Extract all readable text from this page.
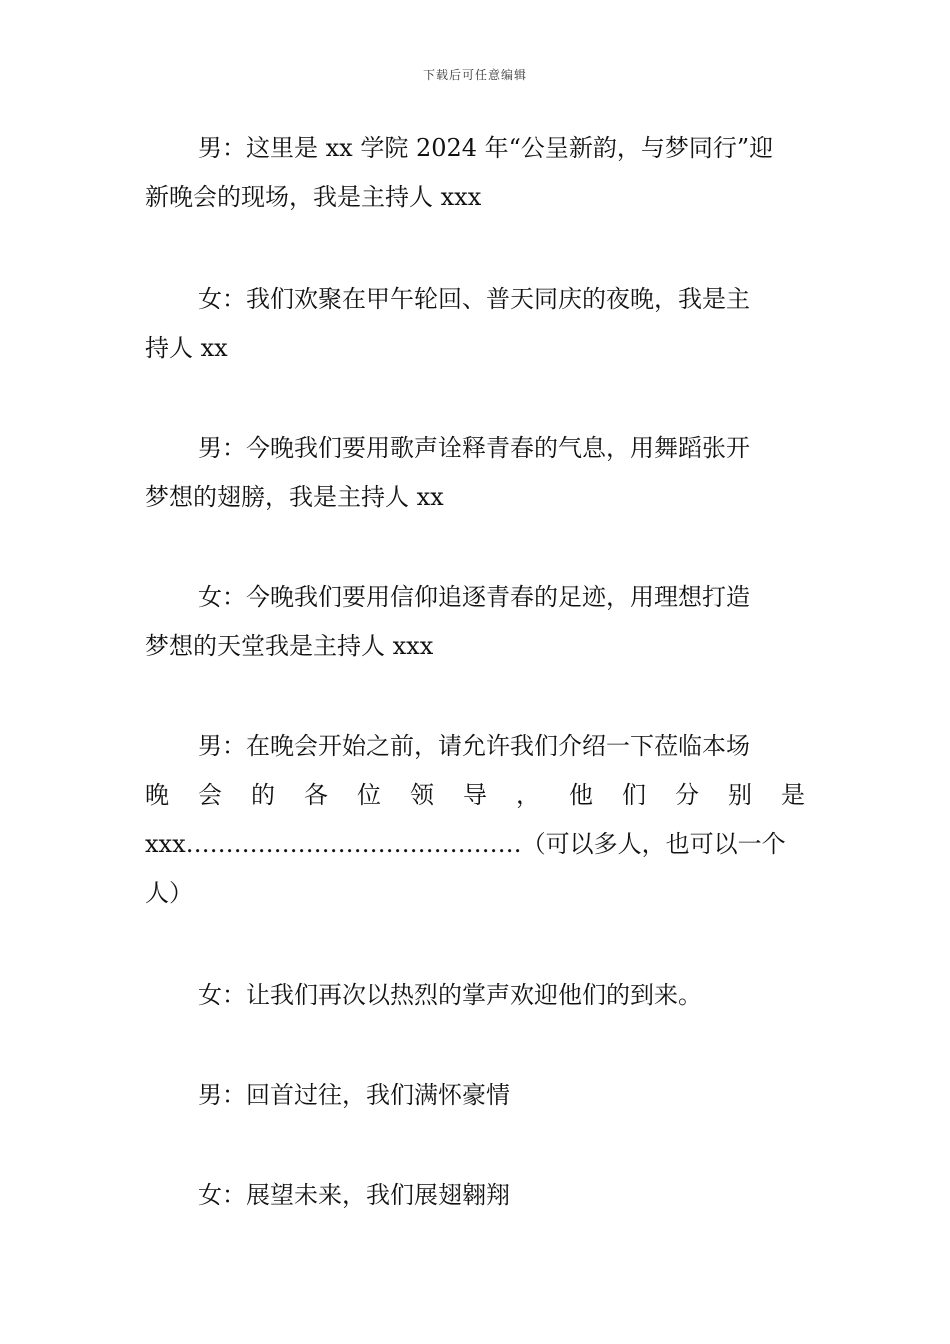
下载后可任意编辑
男：这里是 xx 学院 2024 年“公呈新韵，与梦同行”迎
新晚会的现场，我是主持人 xxx
女：我们欢聚在甲午轮回、普天同庆的夜晚，我是主
持人 xx
男：今晚我们要用歌声诠释青春的气息，用舞蹈张开
梦想的翅膀，我是主持人 xx
女：今晚我们要用信仰追逐青春的足迹，用理想打造
梦想的天堂我是主持人 xxx
男：在晚会开始之前，请允许我们介绍一下莅临本场
晚 会 的 各 位 领 导 ， 他 们 分 别 是
xxx……………………………………（可以多人，也可以一个
人）
女：让我们再次以热烈的掌声欢迎他们的到来。
男：回首过往，我们满怀豪情
女：展望未来，我们展翅翱翔
